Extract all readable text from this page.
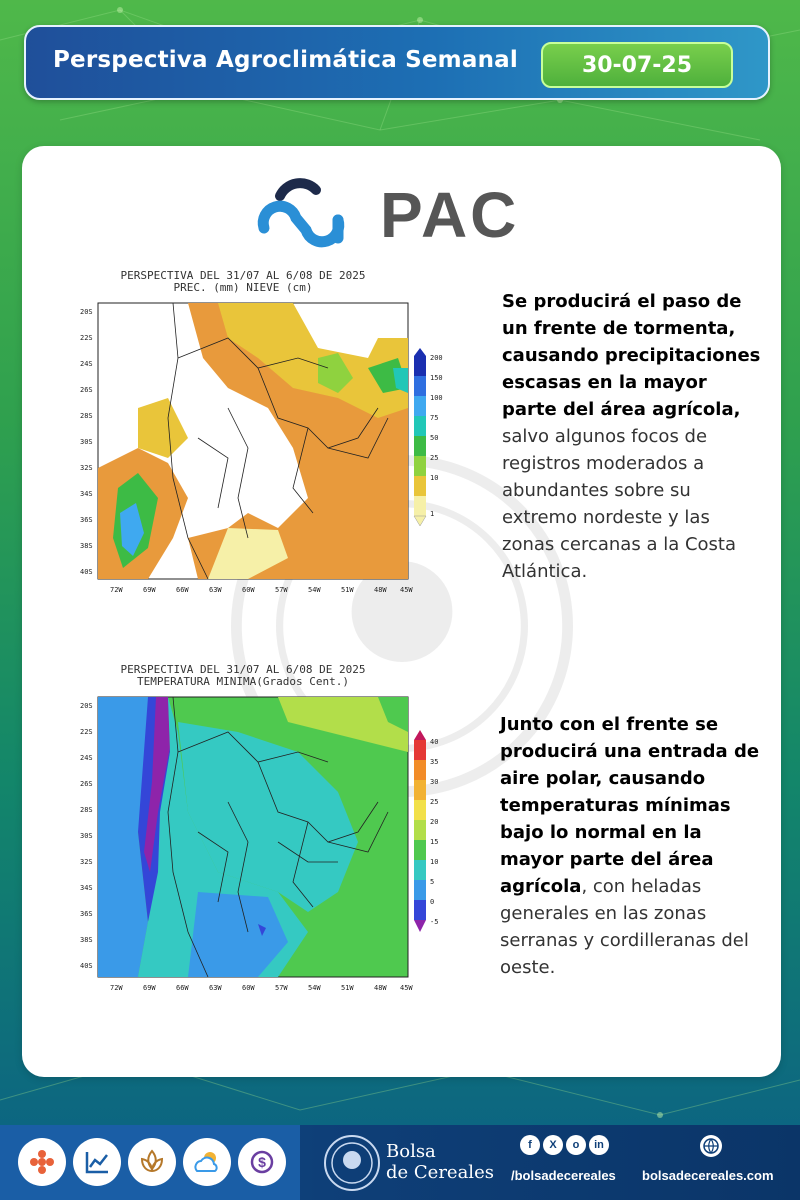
Perspectiva Agroclimática Semanal	30-07-25
PAC
PERSPECTIVA DEL 31/07 AL 6/08 DE 2025
PREC. (mm) NIEVE (cm)
20S
22S
24S
26S
28S
30S
32S
34S
36S
38S
40S
72W	69W	66W	63W	60W	57W	54W	51W	48W 45W
200
150
100
75
50
25
10
1
Se producirá el paso de un frente de tormenta, causando precipitaciones escasas en la mayor parte del área agrícola, salvo algunos focos de registros moderados a abundantes sobre su extremo nordeste y las zonas cercanas a la Costa Atlántica.
PERSPECTIVA DEL 31/07 AL 6/08 DE 2025
TEMPERATURA MINIMA(Grados Cent.)
20S
22S
24S
26S
28S
30S
32S
34S
36S
38S
40S
72W	69W	66W	63W	60W	57W	54W	51W	48W 45W
40
35
30
25
20
15
10
5
0
-5
Junto con el frente se producirá una entrada de aire polar, causando temperaturas mínimas bajo lo normal en la mayor parte del área agrícola, con heladas generales en las zonas serranas y cordilleranas del oeste.
$	Bolsa
de Cereales
f	X	o	in
/bolsadecereales bolsadecereales.com
